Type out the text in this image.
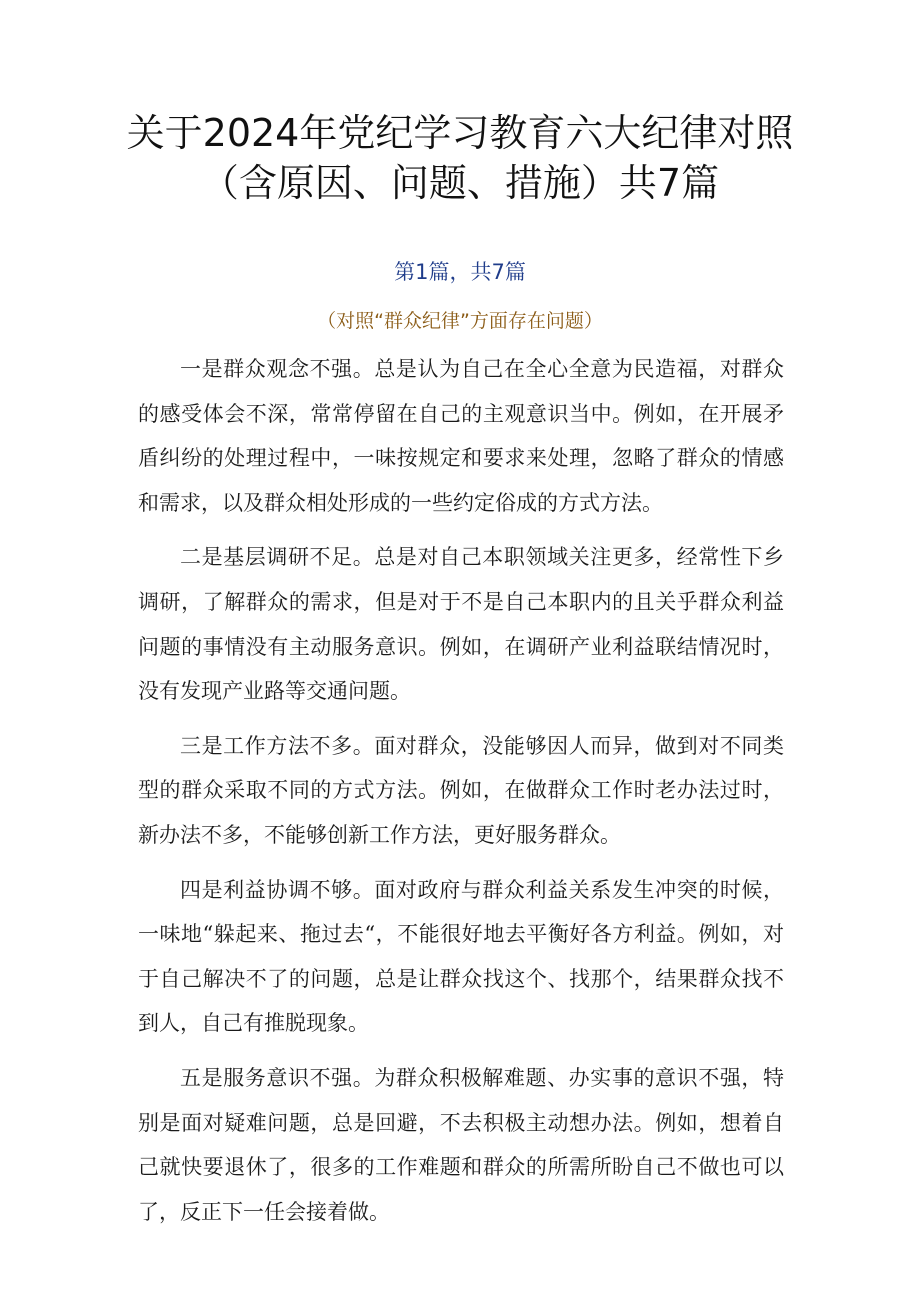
关于2024年党纪学习教育六大纪律对照
（含原因、问题、措施）共7篇
第1篇，共7篇
（对照“群众纪律”方面存在问题）

一是群众观念不强。总是认为自己在全心全意为民造福，对群众的感受体会不深，常常停留在自己的主观意识当中。例如，在开展矛盾纠纷的处理过程中，一味按规定和要求来处理，忽略了群众的情感和需求，以及群众相处形成的一些约定俗成的方式方法。

二是基层调研不足。总是对自己本职领域关注更多，经常性下乡调研，了解群众的需求，但是对于不是自己本职内的且关乎群众利益问题的事情没有主动服务意识。例如，在调研产业利益联结情况时，没有发现产业路等交通问题。

三是工作方法不多。面对群众，没能够因人而异，做到对不同类型的群众采取不同的方式方法。例如，在做群众工作时老办法过时，新办法不多，不能够创新工作方法，更好服务群众。

四是利益协调不够。面对政府与群众利益关系发生冲突的时候，一味地“躲起来、拖过去“，不能很好地去平衡好各方利益。例如，对于自己解决不了的问题，总是让群众找这个、找那个，结果群众找不到人，自己有推脱现象。

五是服务意识不强。为群众积极解难题、办实事的意识不强，特别是面对疑难问题，总是回避，不去积极主动想办法。例如，想着自己就快要退休了，很多的工作难题和群众的所需所盼自己不做也可以了，反正下一任会接着做。
